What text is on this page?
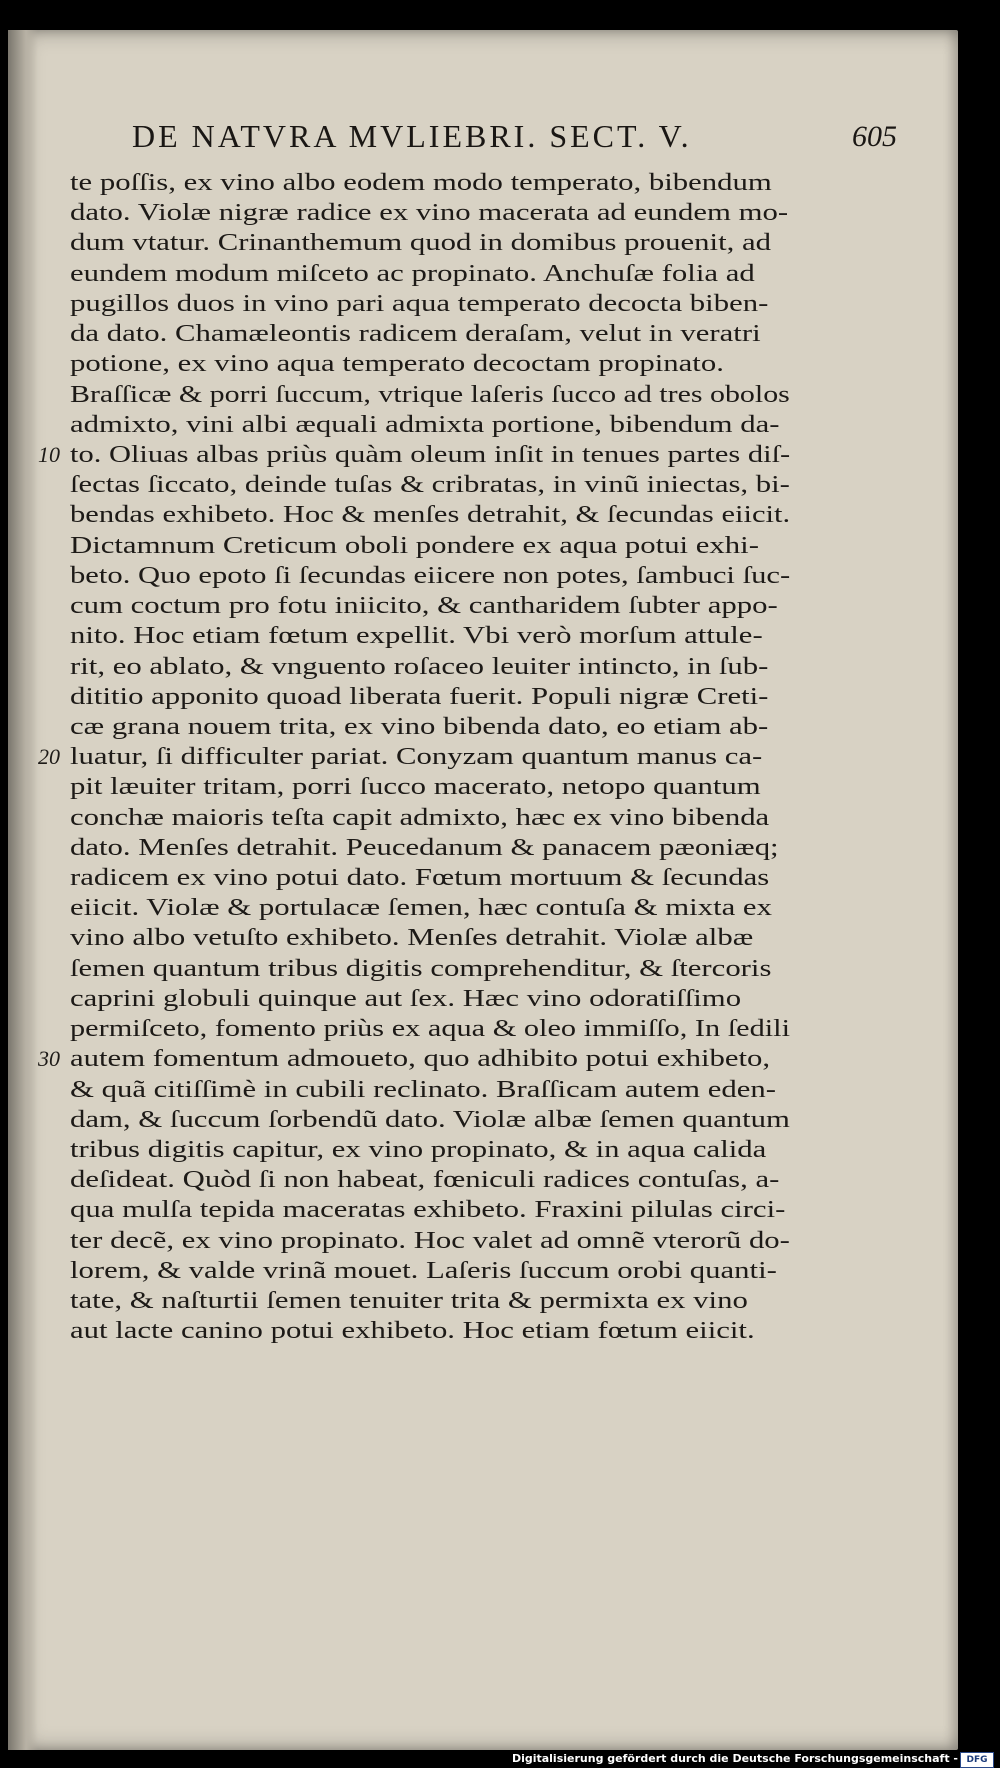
DE NATVRA MVLIEBRI. SECT. V.	605
te poſſis, ex vino albo eodem modo temperato, bibendum
dato. Violæ nigræ radice ex vino macerata ad eundem mo-
dum vtatur. Crinanthemum quod in domibus prouenit, ad
eundem modum miſceto ac propinato. Anchuſæ folia ad
pugillos duos in vino pari aqua temperato decocta biben-
da dato. Chamæleontis radicem deraſam, velut in veratri
potione, ex vino aqua temperato decoctam propinato.
Braſſicæ & porri ſuccum, vtrique laſeris ſucco ad tres obolos
admixto, vini albi æquali admixta portione, bibendum da-
10 to. Oliuas albas priùs quàm oleum inſit in tenues partes diſ-
ſectas ſiccato, deinde tuſas & cribratas, in vinũ iniectas, bi-
bendas exhibeto. Hoc & menſes detrahit, & ſecundas eiicit.
Dictamnum Creticum oboli pondere ex aqua potui exhi-
beto. Quo epoto ſi ſecundas eiicere non potes, ſambuci ſuc-
cum coctum pro fotu iniicito, & cantharidem ſubter appo-
nito. Hoc etiam fœtum expellit. Vbi verò morſum attule-
rit, eo ablato, & vnguento roſaceo leuiter intincto, in ſub-
dititio apponito quoad liberata fuerit. Populi nigræ Creti-
cæ grana nouem trita, ex vino bibenda dato, eo etiam ab-
20 luatur, ſi difficulter pariat. Conyzam quantum manus ca-
pit læuiter tritam, porri ſucco macerato, netopo quantum
conchæ maioris teſta capit admixto, hæc ex vino bibenda
dato. Menſes detrahit. Peucedanum & panacem pæoniæq;
radicem ex vino potui dato. Fœtum mortuum & ſecundas
eiicit. Violæ & portulacæ ſemen, hæc contuſa & mixta ex
vino albo vetuſto exhibeto. Menſes detrahit. Violæ albæ
ſemen quantum tribus digitis comprehenditur, & ſtercoris
caprini globuli quinque aut ſex. Hæc vino odoratiſſimo
permiſceto, fomento priùs ex aqua & oleo immiſſo, In ſedili
30 autem fomentum admoueto, quo adhibito potui exhibeto,
& quã citiſſimè in cubili reclinato. Braſſicam autem eden-
dam, & ſuccum ſorbendũ dato. Violæ albæ ſemen quantum
tribus digitis capitur, ex vino propinato, & in aqua calida
deſideat. Quòd ſi non habeat, fœniculi radices contuſas, a-
qua mulſa tepida maceratas exhibeto. Fraxini pilulas circi-
ter decẽ, ex vino propinato. Hoc valet ad omnẽ vterorũ do-
lorem, & valde vrinã mouet. Laſeris ſuccum orobi quanti-
tate, & naſturtii ſemen tenuiter trita & permixta ex vino
aut lacte canino potui exhibeto. Hoc etiam fœtum eiicit.
Digitalisierung gefördert durch die Deutsche Forschungsgemeinschaft - DFG
